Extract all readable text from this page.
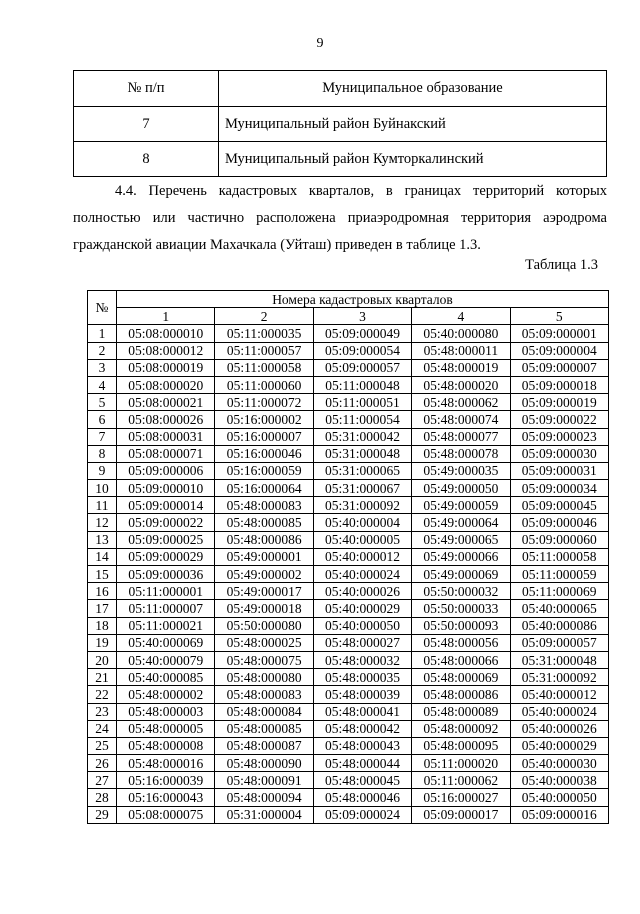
9
№ п/п	Муниципальное образование
7	Муниципальный район Буйнакский
8	Муниципальный район Кумторкалинский

4.4. Перечень кадастровых кварталов, в границах территорий которых полностью или частично расположена приаэродромная территория аэродрома гражданской авиации Махачкала (Уйташ) приведен в таблице 1.3.

Таблица 1.3
№	Номера кадастровых кварталов				
	1	2	3	4	5
1	05:08:000010	05:11:000035	05:09:000049	05:40:000080	05:09:000001
2	05:08:000012	05:11:000057	05:09:000054	05:48:000011	05:09:000004
3	05:08:000019	05:11:000058	05:09:000057	05:48:000019	05:09:000007
4	05:08:000020	05:11:000060	05:11:000048	05:48:000020	05:09:000018
5	05:08:000021	05:11:000072	05:11:000051	05:48:000062	05:09:000019
6	05:08:000026	05:16:000002	05:11:000054	05:48:000074	05:09:000022
7	05:08:000031	05:16:000007	05:31:000042	05:48:000077	05:09:000023
8	05:08:000071	05:16:000046	05:31:000048	05:48:000078	05:09:000030
9	05:09:000006	05:16:000059	05:31:000065	05:49:000035	05:09:000031
10	05:09:000010	05:16:000064	05:31:000067	05:49:000050	05:09:000034
11	05:09:000014	05:48:000083	05:31:000092	05:49:000059	05:09:000045
12	05:09:000022	05:48:000085	05:40:000004	05:49:000064	05:09:000046
13	05:09:000025	05:48:000086	05:40:000005	05:49:000065	05:09:000060
14	05:09:000029	05:49:000001	05:40:000012	05:49:000066	05:11:000058
15	05:09:000036	05:49:000002	05:40:000024	05:49:000069	05:11:000059
16	05:11:000001	05:49:000017	05:40:000026	05:50:000032	05:11:000069
17	05:11:000007	05:49:000018	05:40:000029	05:50:000033	05:40:000065
18	05:11:000021	05:50:000080	05:40:000050	05:50:000093	05:40:000086
19	05:40:000069	05:48:000025	05:48:000027	05:48:000056	05:09:000057
20	05:40:000079	05:48:000075	05:48:000032	05:48:000066	05:31:000048
21	05:40:000085	05:48:000080	05:48:000035	05:48:000069	05:31:000092
22	05:48:000002	05:48:000083	05:48:000039	05:48:000086	05:40:000012
23	05:48:000003	05:48:000084	05:48:000041	05:48:000089	05:40:000024
24	05:48:000005	05:48:000085	05:48:000042	05:48:000092	05:40:000026
25	05:48:000008	05:48:000087	05:48:000043	05:48:000095	05:40:000029
26	05:48:000016	05:48:000090	05:48:000044	05:11:000020	05:40:000030
27	05:16:000039	05:48:000091	05:48:000045	05:11:000062	05:40:000038
28	05:16:000043	05:48:000094	05:48:000046	05:16:000027	05:40:000050
29	05:08:000075	05:31:000004	05:09:000024	05:09:000017	05:09:000016
